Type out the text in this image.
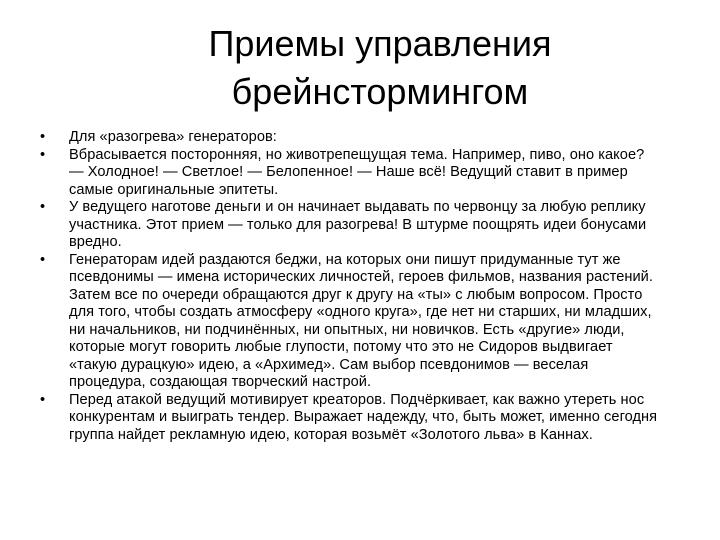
Приемы управления
брейнстормингом
•	Для «разогрева» генераторов:
•	Вбрасывается посторонняя, но животрепещущая тема. Например, пиво, оно какое? — Холодное! — Светлое! — Белопенное! — Наше всё! Ведущий ставит в пример самые оригинальные эпитеты.
•	У ведущего наготове деньги и он начинает выдавать по червонцу за любую реплику участника. Этот прием — только для разогрева! В штурме поощрять идеи бонусами вредно.
•	Генераторам идей раздаются беджи, на которых они пишут придуманные тут же псевдонимы — имена исторических личностей, героев фильмов, названия растений. Затем все по очереди обращаются друг к другу на «ты» с любым вопросом. Просто для того, чтобы создать атмосферу «одного круга», где нет ни старших, ни младших, ни начальников, ни подчинённых, ни опытных, ни новичков. Есть «другие» люди, которые могут говорить любые глупости, потому что это не Сидоров выдвигает «такую дурацкую» идею, а «Архимед». Сам выбор псевдонимов — веселая процедура, создающая творческий настрой.
•	Перед атакой ведущий мотивирует креаторов. Подчёркивает, как важно утереть нос конкурентам и выиграть тендер. Выражает надежду, что, быть может, именно сегодня группа найдет рекламную идею, которая возьмёт «Золотого льва» в Каннах.
